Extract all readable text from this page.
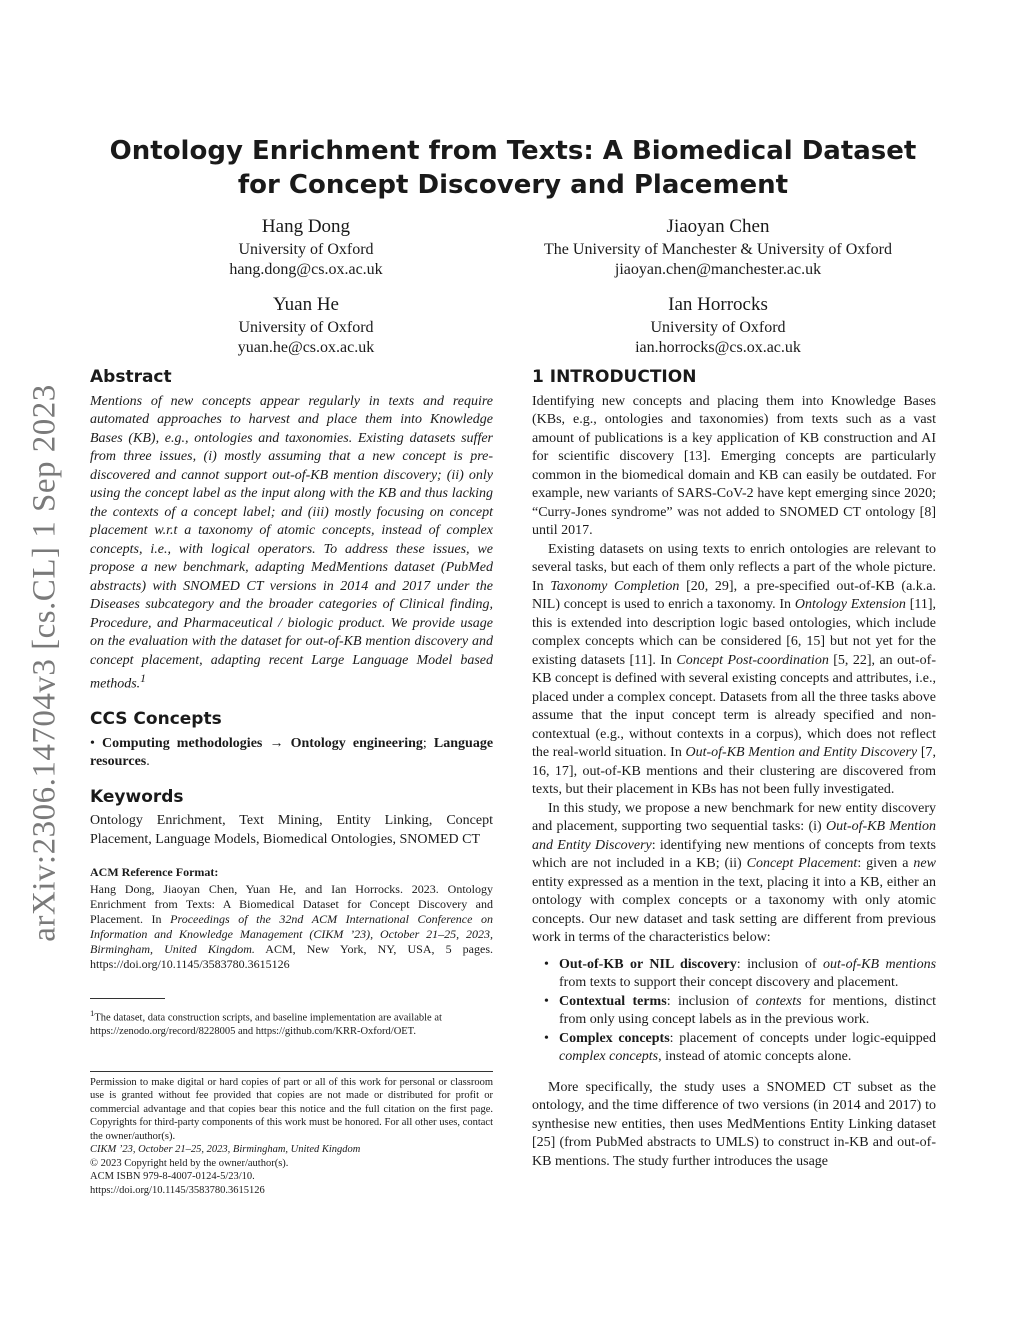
arXiv:2306.14704v3 [cs.CL] 1 Sep 2023
Ontology Enrichment from Texts: A Biomedical Dataset for Concept Discovery and Placement
Hang Dong
University of Oxford
hang.dong@cs.ox.ac.uk
Jiaoyan Chen
The University of Manchester & University of Oxford
jiaoyan.chen@manchester.ac.uk
Yuan He
University of Oxford
yuan.he@cs.ox.ac.uk
Ian Horrocks
University of Oxford
ian.horrocks@cs.ox.ac.uk
Abstract

Mentions of new concepts appear regularly in texts and require automated approaches to harvest and place them into Knowledge Bases (KB), e.g., ontologies and taxonomies. Existing datasets suffer from three issues, (i) mostly assuming that a new concept is pre-discovered and cannot support out-of-KB mention discovery; (ii) only using the concept label as the input along with the KB and thus lacking the contexts of a concept label; and (iii) mostly focusing on concept placement w.r.t a taxonomy of atomic concepts, instead of complex concepts, i.e., with logical operators. To address these issues, we propose a new benchmark, adapting MedMentions dataset (PubMed abstracts) with SNOMED CT versions in 2014 and 2017 under the Diseases subcategory and the broader categories of Clinical finding, Procedure, and Pharmaceutical / biologic product. We provide usage on the evaluation with the dataset for out-of-KB mention discovery and concept placement, adapting recent Large Language Model based methods.$^1$

CCS Concepts

• Computing methodologies → Ontology engineering; Language resources.

Keywords

Ontology Enrichment, Text Mining, Entity Linking, Concept Placement, Language Models, Biomedical Ontologies, SNOMED CT

ACM Reference Format:

Hang Dong, Jiaoyan Chen, Yuan He, and Ian Horrocks. 2023. Ontology Enrichment from Texts: A Biomedical Dataset for Concept Discovery and Placement. In Proceedings of the 32nd ACM International Conference on Information and Knowledge Management (CIKM ’23), October 21–25, 2023, Birmingham, United Kingdom. ACM, New York, NY, USA, 5 pages. https://doi.org/10.1145/3583780.3615126

$^1$The dataset, data construction scripts, and baseline implementation are available at https://zenodo.org/record/8228005 and https://github.com/KRR-Oxford/OET.

Permission to make digital or hard copies of part or all of this work for personal or classroom use is granted without fee provided that copies are not made or distributed for profit or commercial advantage and that copies bear this notice and the full citation on the first page. Copyrights for third-party components of this work must be honored. For all other uses, contact the owner/author(s).
CIKM ’23, October 21–25, 2023, Birmingham, United Kingdom
© 2023 Copyright held by the owner/author(s).
ACM ISBN 979-8-4007-0124-5/23/10.
https://doi.org/10.1145/3583780.3615126
1 INTRODUCTION

Identifying new concepts and placing them into Knowledge Bases (KBs, e.g., ontologies and taxonomies) from texts such as a vast amount of publications is a key application of KB construction and AI for scientific discovery [13]. Emerging concepts are particularly common in the biomedical domain and KB can easily be outdated. For example, new variants of SARS-CoV-2 have kept emerging since 2020; “Curry-Jones syndrome” was not added to SNOMED CT ontology [8] until 2017.

Existing datasets on using texts to enrich ontologies are relevant to several tasks, but each of them only reflects a part of the whole picture. In Taxonomy Completion [20, 29], a pre-specified out-of-KB (a.k.a. NIL) concept is used to enrich a taxonomy. In Ontology Extension [11], this is extended into description logic based ontologies, which include complex concepts which can be considered [6, 15] but not yet for the existing datasets [11]. In Concept Post-coordination [5, 22], an out-of-KB concept is defined with several existing concepts and attributes, i.e., placed under a complex concept. Datasets from all the three tasks above assume that the input concept term is already specified and non-contextual (e.g., without contexts in a corpus), which does not reflect the real-world situation. In Out-of-KB Mention and Entity Discovery [7, 16, 17], out-of-KB mentions and their clustering are discovered from texts, but their placement in KBs has not been fully investigated.

In this study, we propose a new benchmark for new entity discovery and placement, supporting two sequential tasks: (i) Out-of-KB Mention and Entity Discovery: identifying new mentions of concepts from texts which are not included in a KB; (ii) Concept Placement: given a new entity expressed as a mention in the text, placing it into a KB, either an ontology with complex concepts or a taxonomy with only atomic concepts. Our new dataset and task setting are different from previous work in terms of the characteristics below:

• Out-of-KB or NIL discovery: inclusion of out-of-KB mentions from texts to support their concept discovery and placement.
• Contextual terms: inclusion of contexts for mentions, distinct from only using concept labels as in the previous work.
• Complex concepts: placement of concepts under logic-equipped complex concepts, instead of atomic concepts alone.

More specifically, the study uses a SNOMED CT subset as the ontology, and the time difference of two versions (in 2014 and 2017) to synthesise new entities, then uses MedMentions Entity Linking dataset [25] (from PubMed abstracts to UMLS) to construct in-KB and out-of-KB mentions. The study further introduces the usage
